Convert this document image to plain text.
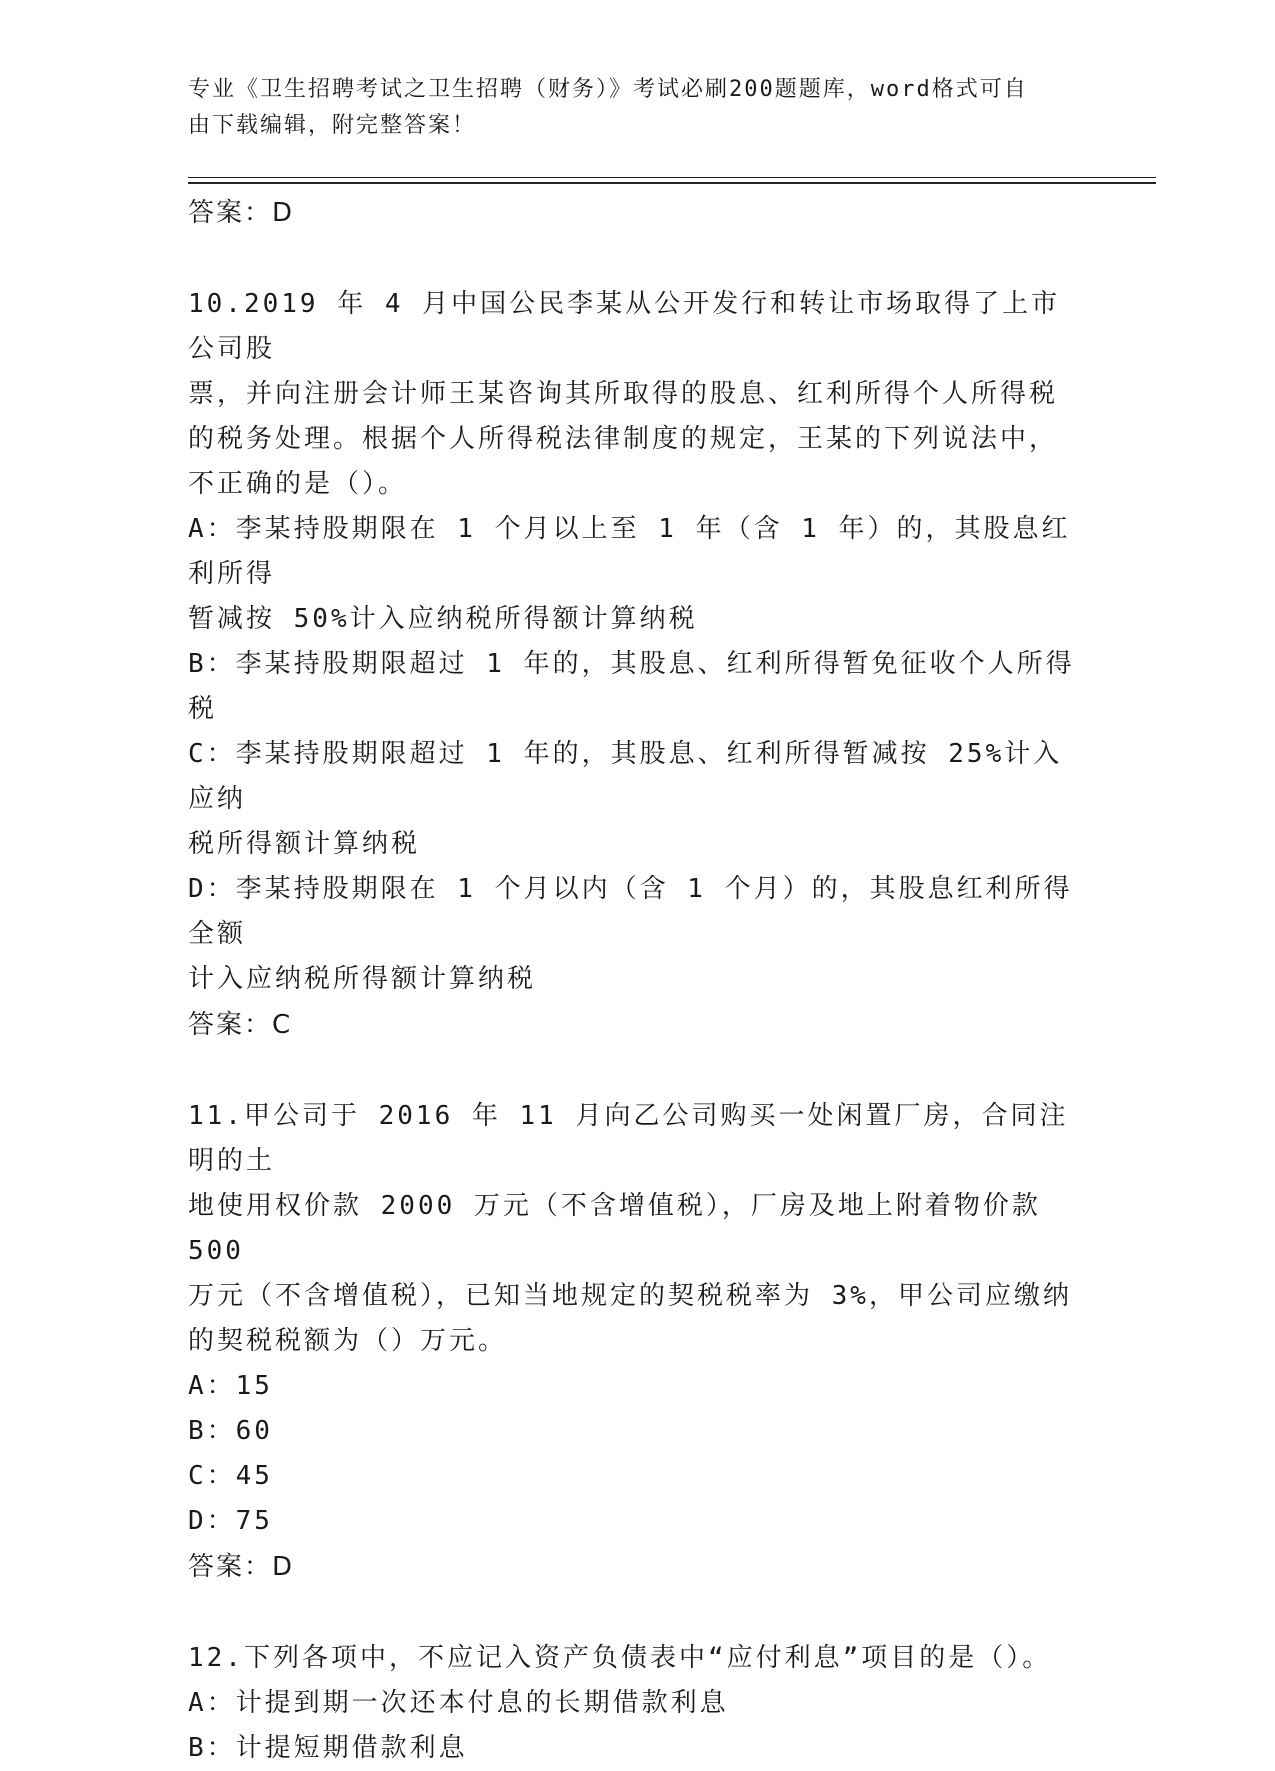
专业《卫生招聘考试之卫生招聘（财务）》考试必刷200题题库，word格式可自
由下载编辑，附完整答案！
答案：D
10.2019 年 4 月中国公民李某从公开发行和转让市场取得了上市公司股
票，并向注册会计师王某咨询其所取得的股息、红利所得个人所得税
的税务处理。根据个人所得税法律制度的规定，王某的下列说法中，
不正确的是（）。
A：李某持股期限在 1 个月以上至 1 年（含 1 年）的，其股息红利所得
暂减按 50%计入应纳税所得额计算纳税
B：李某持股期限超过 1 年的，其股息、红利所得暂免征收个人所得税
C：李某持股期限超过 1 年的，其股息、红利所得暂减按 25%计入应纳
税所得额计算纳税
D：李某持股期限在 1 个月以内（含 1 个月）的，其股息红利所得全额
计入应纳税所得额计算纳税
答案：C
11.甲公司于 2016 年 11 月向乙公司购买一处闲置厂房，合同注明的土
地使用权价款 2000 万元（不含增值税），厂房及地上附着物价款 500
万元（不含增值税），已知当地规定的契税税率为 3%，甲公司应缴纳
的契税税额为（）万元。
A：15
B：60
C：45
D：75
答案：D
12.下列各项中，不应记入资产负债表中“应付利息”项目的是（）。
A：计提到期一次还本付息的长期借款利息
B：计提短期借款利息
